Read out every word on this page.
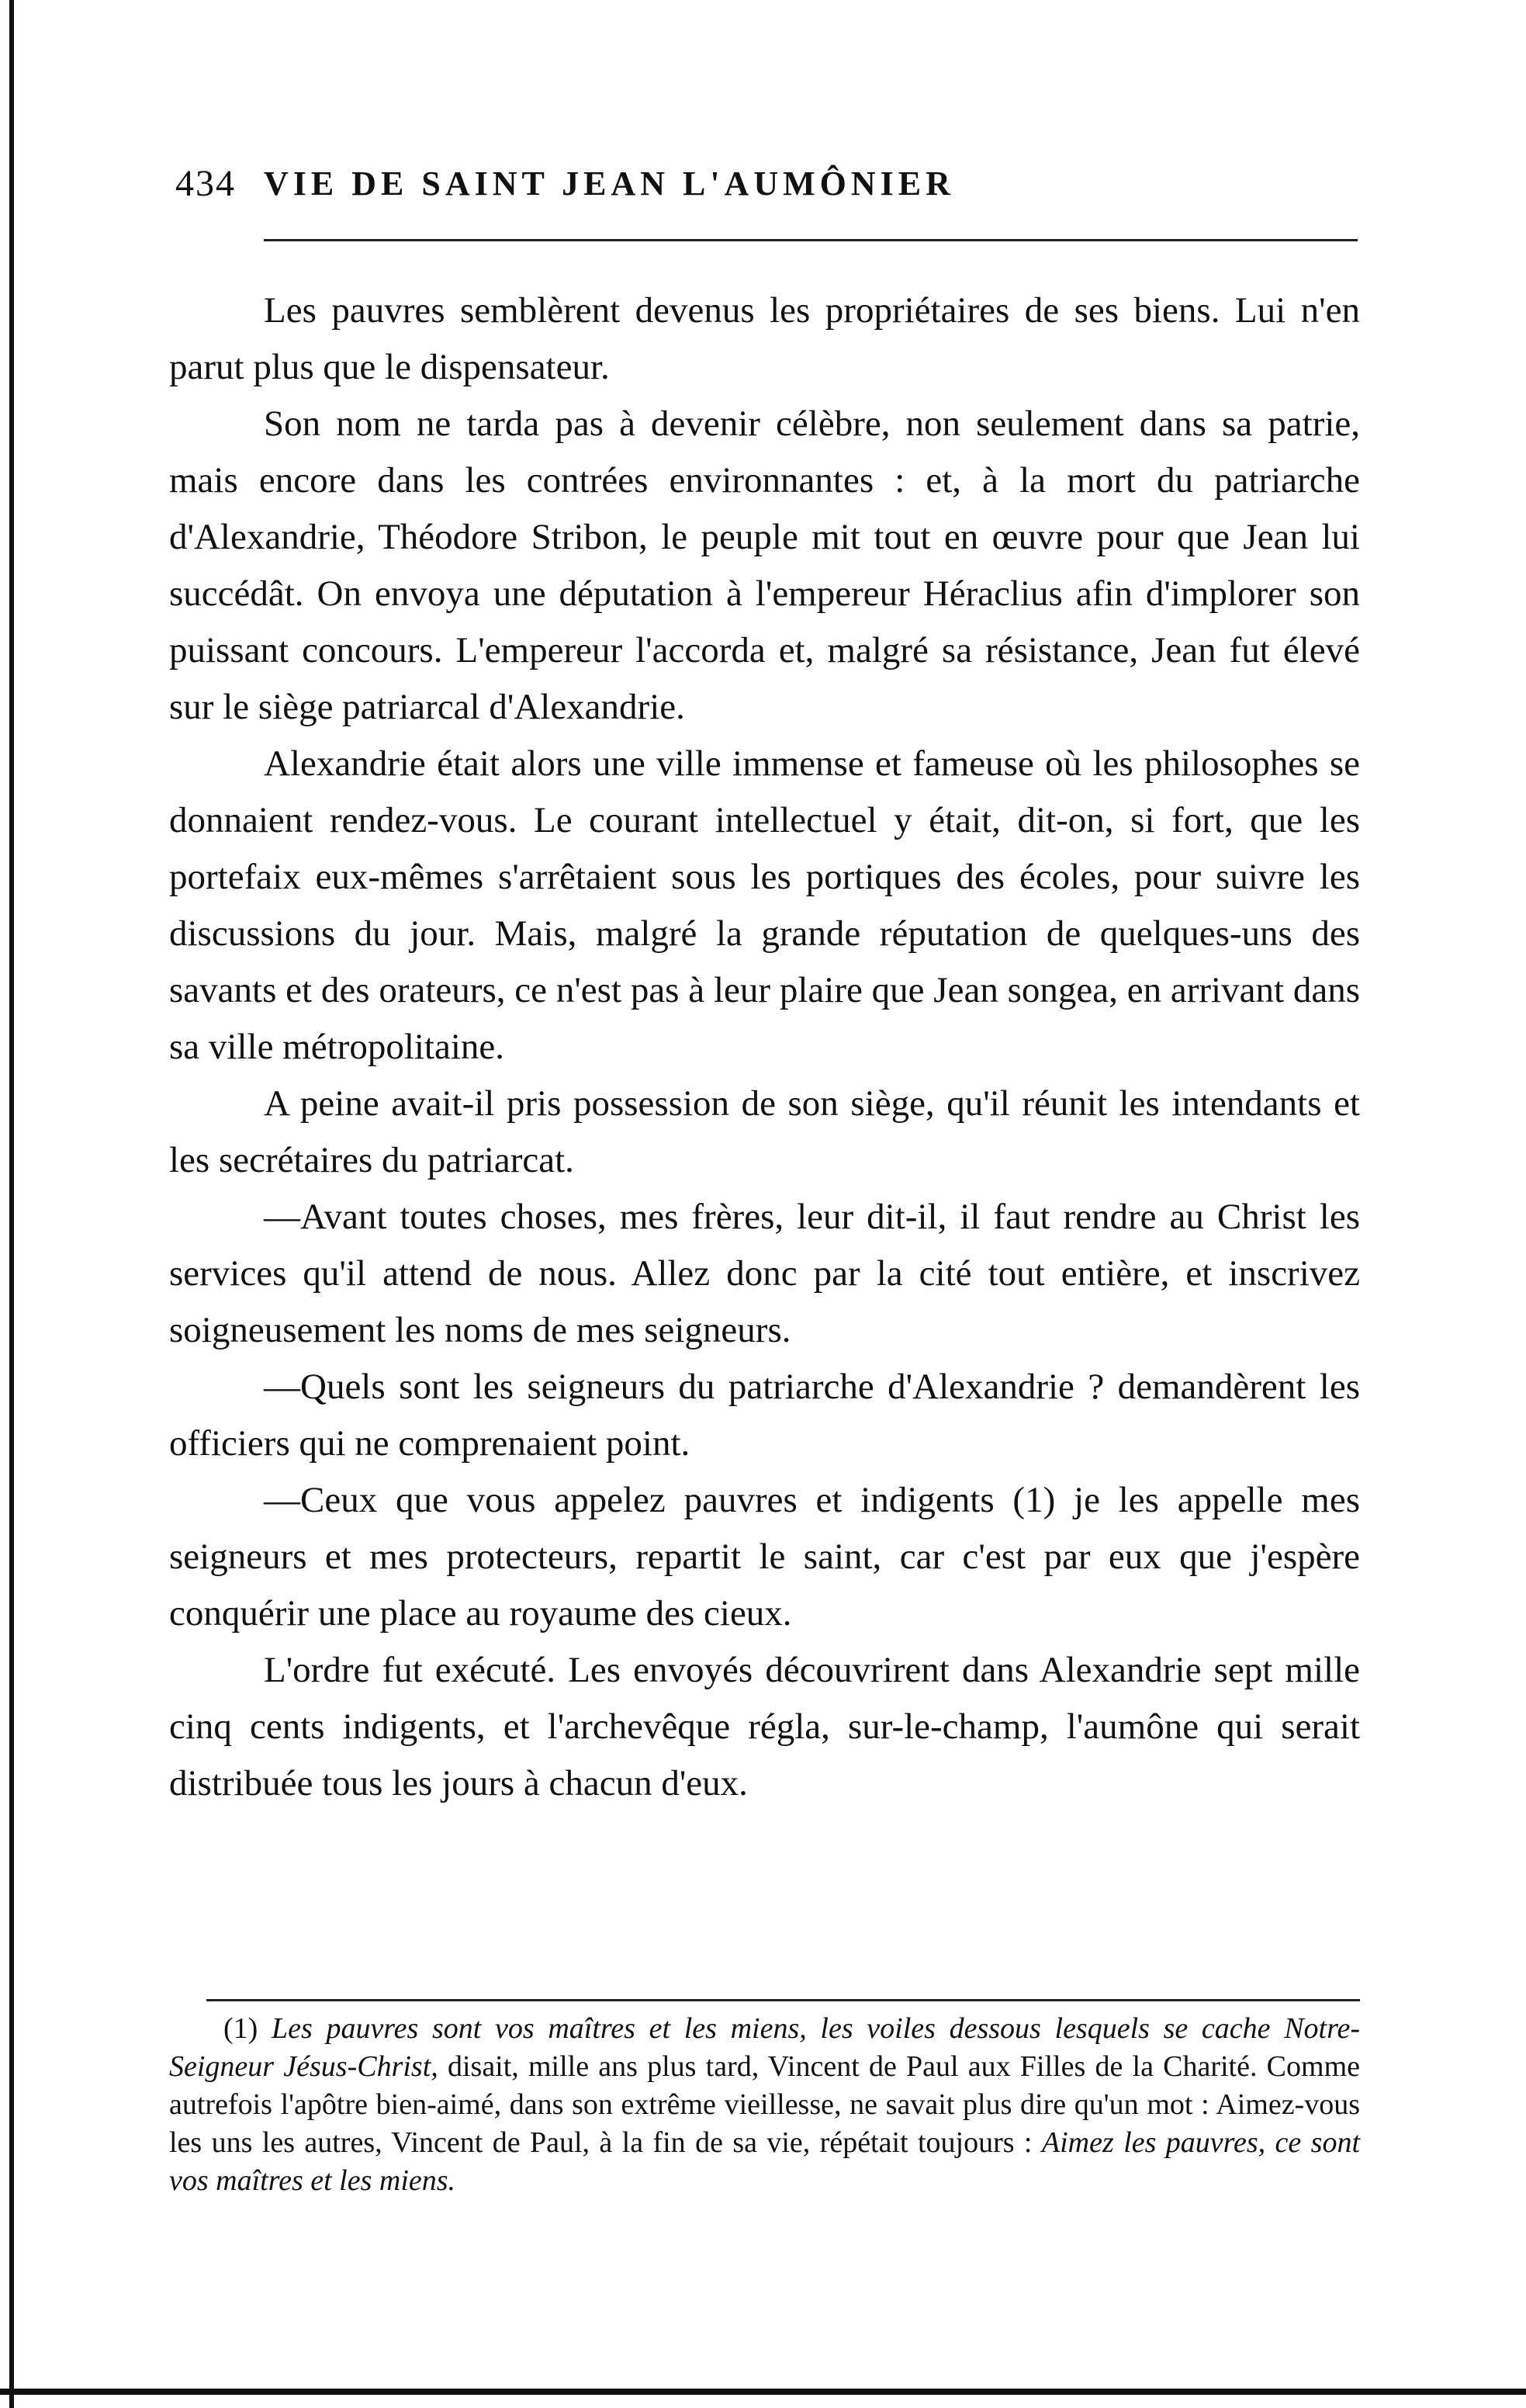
434 VIE DE SAINT JEAN L'AUMÔNIER

Les pauvres semblèrent devenus les propriétaires de ses biens. Lui n'en parut plus que le dispensateur.

Son nom ne tarda pas à devenir célèbre, non seulement dans sa patrie, mais encore dans les contrées environnantes : et, à la mort du patriarche d'Alexandrie, Théodore Stribon, le peuple mit tout en œuvre pour que Jean lui succédât. On envoya une députation à l'empereur Héraclius afin d'implorer son puissant concours. L'empereur l'accorda et, malgré sa résistance, Jean fut élevé sur le siège patriarcal d'Alexandrie.

Alexandrie était alors une ville immense et fameuse où les philosophes se donnaient rendez-vous. Le courant intellectuel y était, dit-on, si fort, que les portefaix eux-mêmes s'arrêtaient sous les portiques des écoles, pour suivre les discussions du jour. Mais, malgré la grande réputation de quelques-uns des savants et des orateurs, ce n'est pas à leur plaire que Jean songea, en arrivant dans sa ville métropolitaine.

A peine avait-il pris possession de son siège, qu'il réunit les intendants et les secrétaires du patriarcat.

—Avant toutes choses, mes frères, leur dit-il, il faut rendre au Christ les services qu'il attend de nous. Allez donc par la cité tout entière, et inscrivez soigneusement les noms de mes seigneurs.

—Quels sont les seigneurs du patriarche d'Alexandrie ? demandèrent les officiers qui ne comprenaient point.

—Ceux que vous appelez pauvres et indigents (1) je les appelle mes seigneurs et mes protecteurs, repartit le saint, car c'est par eux que j'espère conquérir une place au royaume des cieux.

L'ordre fut exécuté. Les envoyés découvrirent dans Alexandrie sept mille cinq cents indigents, et l'archevêque régla, sur-le-champ, l'aumône qui serait distribuée tous les jours à chacun d'eux.

(1) Les pauvres sont vos maîtres et les miens, les voiles dessous lesquels se cache Notre-Seigneur Jésus-Christ, disait, mille ans plus tard, Vincent de Paul aux Filles de la Charité. Comme autrefois l'apôtre bien-aimé, dans son extrême vieillesse, ne savait plus dire qu'un mot : Aimez-vous les uns les autres, Vincent de Paul, à la fin de sa vie, répétait toujours : Aimez les pauvres, ce sont vos maîtres et les miens.
